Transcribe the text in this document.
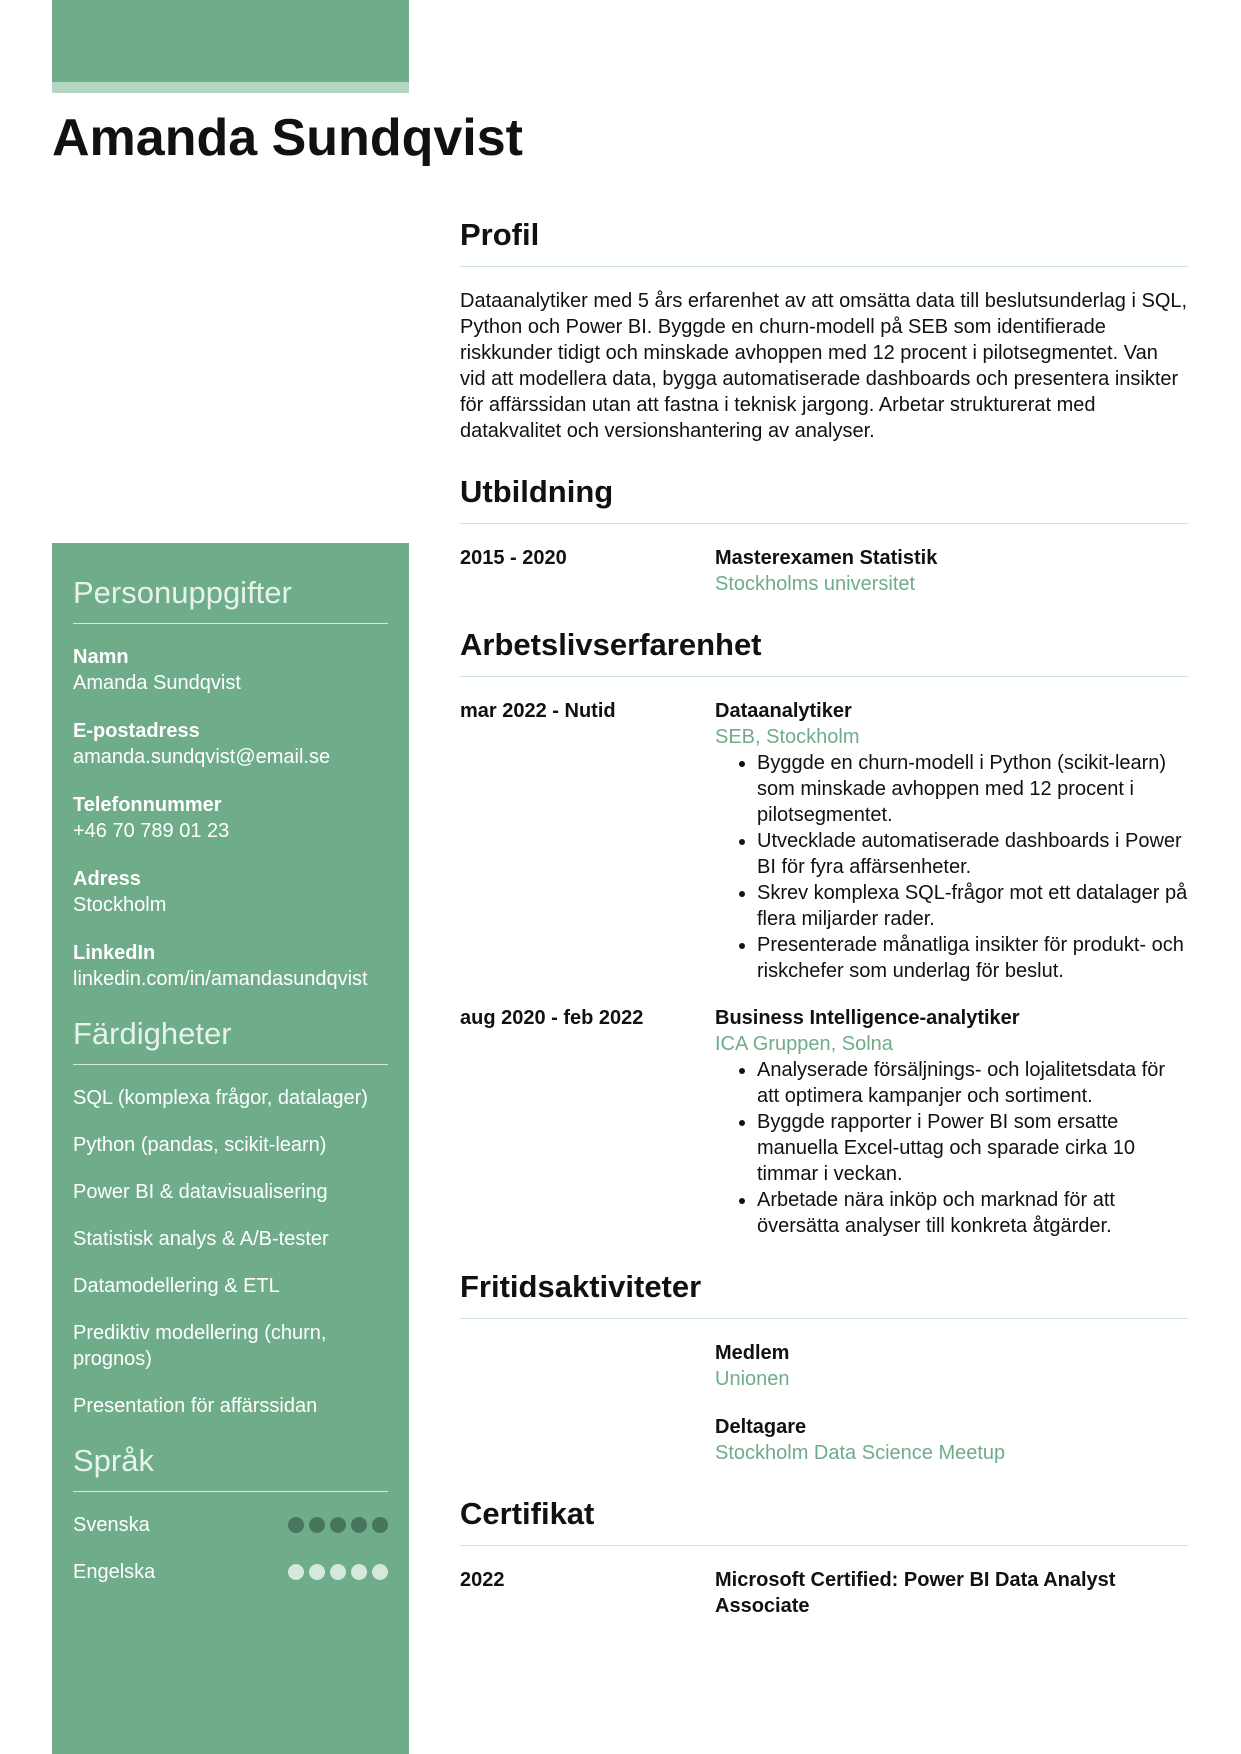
Amanda Sundqvist
Personuppgifter
Namn
Amanda Sundqvist
E-postadress
amanda.sundqvist@email.se
Telefonnummer
+46 70 789 01 23
Adress
Stockholm
LinkedIn
linkedin.com/in/amandasundqvist
Färdigheter
SQL (komplexa frågor, datalager)
Python (pandas, scikit-learn)
Power BI & datavisualisering
Statistisk analys & A/B-tester
Datamodellering & ETL
Prediktiv modellering (churn, prognos)
Presentation för affärssidan
Språk
Svenska
Engelska
Profil
Dataanalytiker med 5 års erfarenhet av att omsätta data till beslutsunderlag i SQL, Python och Power BI. Byggde en churn-modell på SEB som identifierade riskkunder tidigt och minskade avhoppen med 12 procent i pilotsegmentet. Van vid att modellera data, bygga automatiserade dashboards och presentera insikter för affärssidan utan att fastna i teknisk jargong. Arbetar strukturerat med datakvalitet och versionshantering av analyser.
Utbildning
2015 - 2020	Masterexamen Statistik
Stockholms universitet
Arbetslivserfarenhet
mar 2022 - Nutid	Dataanalytiker
SEB, Stockholm
• Byggde en churn-modell i Python (scikit-learn) som minskade avhoppen med 12 procent i pilotsegmentet.
• Utvecklade automatiserade dashboards i Power BI för fyra affärsenheter.
• Skrev komplexa SQL-frågor mot ett datalager på flera miljarder rader.
• Presenterade månatliga insikter för produkt- och riskchefer som underlag för beslut.
aug 2020 - feb 2022	Business Intelligence-analytiker
ICA Gruppen, Solna
• Analyserade försäljnings- och lojalitetsdata för att optimera kampanjer och sortiment.
• Byggde rapporter i Power BI som ersatte manuella Excel-uttag och sparade cirka 10 timmar i veckan.
• Arbetade nära inköp och marknad för att översätta analyser till konkreta åtgärder.
Fritidsaktiviteter
Medlem
Unionen
Deltagare
Stockholm Data Science Meetup
Certifikat
2022	Microsoft Certified: Power BI Data Analyst Associate
